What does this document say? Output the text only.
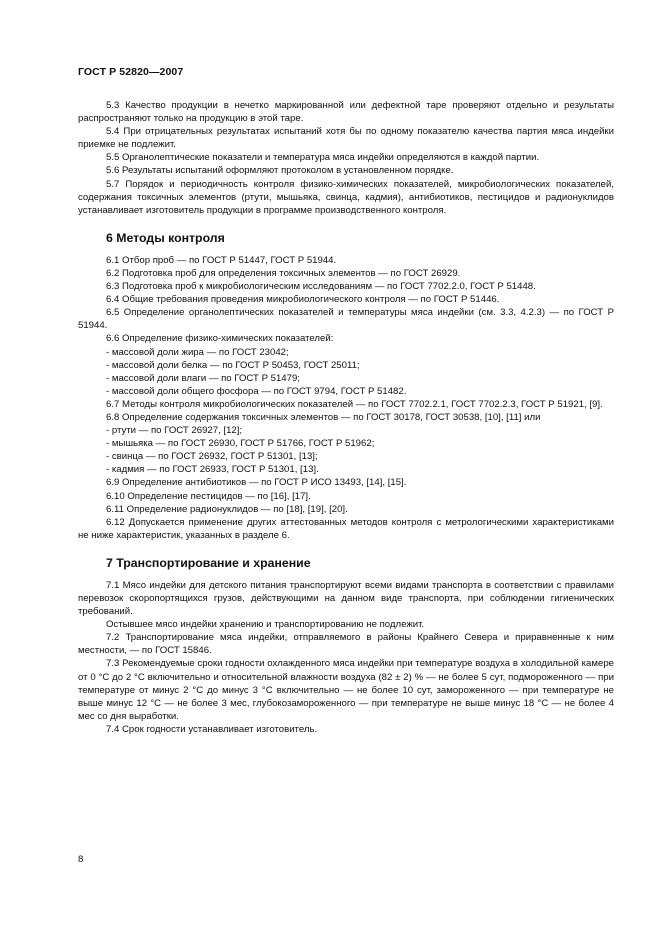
ГОСТ Р 52820—2007

5.3 Качество продукции в нечетко маркированной или дефектной таре проверяют отдельно и результаты распространяют только на продукцию в этой таре.

5.4 При отрицательных результатах испытаний хотя бы по одному показателю качества партия мяса индейки приемке не подлежит.

5.5 Органолептические показатели и температура мяса индейки определяются в каждой партии.

5.6 Результаты испытаний оформляют протоколом в установленном порядке.

5.7 Порядок и периодичность контроля физико-химических показателей, микробиологических показателей, содержания токсичных элементов (ртути, мышьяка, свинца, кадмия), антибиотиков, пестицидов и радионуклидов устанавливает изготовитель продукции в программе производственного контроля.

6 Методы контроля

6.1 Отбор проб — по ГОСТ Р 51447, ГОСТ Р 51944.

6.2 Подготовка проб для определения токсичных элементов — по ГОСТ 26929.

6.3 Подготовка проб к микробиологическим исследованиям — по ГОСТ 7702.2.0, ГОСТ Р 51448.

6.4 Общие требования проведения микробиологического контроля — по ГОСТ Р 51446.

6.5 Определение органолептических показателей и температуры мяса индейки (см. 3.3, 4.2.3) — по ГОСТ Р 51944.

6.6 Определение физико-химических показателей:

- массовой доли жира — по ГОСТ 23042;

- массовой доли белка — по ГОСТ Р 50453, ГОСТ 25011;

- массовой доли влаги — по ГОСТ Р 51479;

- массовой доли общего фосфора — по ГОСТ 9794, ГОСТ Р 51482.

6.7 Методы контроля микробиологических показателей — по ГОСТ 7702.2.1, ГОСТ 7702.2.3, ГОСТ Р 51921, [9].

6.8 Определение содержания токсичных элементов — по ГОСТ 30178, ГОСТ 30538, [10], [11] или

- ртути — по ГОСТ 26927, [12];

- мышьяка — по ГОСТ 26930, ГОСТ Р 51766, ГОСТ Р 51962;

- свинца — по ГОСТ 26932, ГОСТ Р 51301, [13];

- кадмия — по ГОСТ 26933, ГОСТ Р 51301, [13].

6.9 Определение антибиотиков — по ГОСТ Р ИСО 13493, [14], [15].

6.10 Определение пестицидов — по [16], [17].

6.11 Определение радионуклидов — по [18], [19], [20].

6.12 Допускается применение других аттестованных методов контроля с метрологическими характеристиками не ниже характеристик, указанных в разделе 6.

7 Транспортирование и хранение

7.1 Мясо индейки для детского питания транспортируют всеми видами транспорта в соответствии с правилами перевозок скоропортящихся грузов, действующими на данном виде транспорта, при соблюдении гигиенических требований.

Остывшее мясо индейки хранению и транспортированию не подлежит.

7.2 Транспортирование мяса индейки, отправляемого в районы Крайнего Севера и приравненные к ним местности, — по ГОСТ 15846.

7.3 Рекомендуемые сроки годности охлажденного мяса индейки при температуре воздуха в холодильной камере от 0 °С до 2 °С включительно и относительной влажности воздуха (82 ± 2) % — не более 5 сут, подмороженного — при температуре от минус 2 °С до минус 3 °С включительно — не более 10 сут, замороженного — при температуре не выше минус 12 °С — не более 3 мес, глубокозамороженного — при температуре не выше минус 18 °С — не более 4 мес со дня выработки.

7.4 Срок годности устанавливает изготовитель.

8
